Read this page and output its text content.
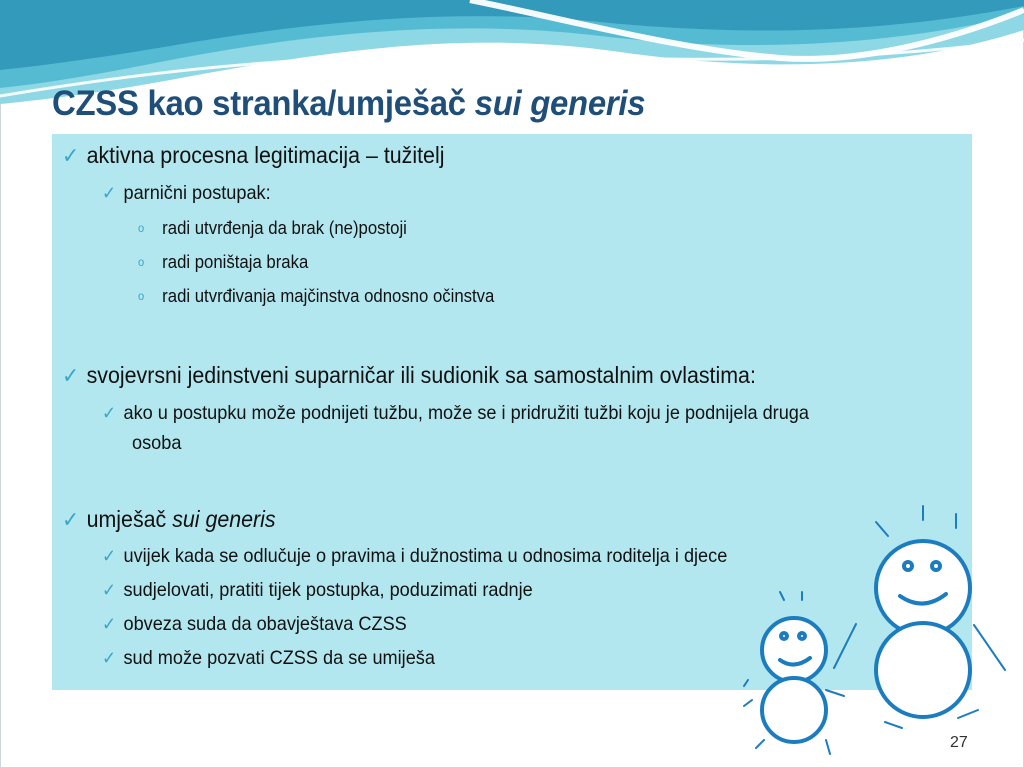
CZSS kao stranka/umješač sui generis
✓ aktivna procesna legitimacija – tužitelj
✓ parnični postupak:
o radi utvrđenja da brak (ne)postoji
o radi poništaja braka
o radi utvrđivanja majčinstva odnosno očinstva
✓ svojevrsni jedinstveni suparničar ili sudionik sa samostalnim ovlastima:
✓ ako u postupku može podnijeti tužbu, može se i pridružiti tužbi koju je podnijela druga
osoba
✓ umješač sui generis
✓ uvijek kada se odlučuje o pravima i dužnostima u odnosima roditelja i djece
✓ sudjelovati, pratiti tijek postupka, poduzimati radnje
✓ obveza suda da obavještava CZSS
✓ sud može pozvati CZSS da se umiješa
27
